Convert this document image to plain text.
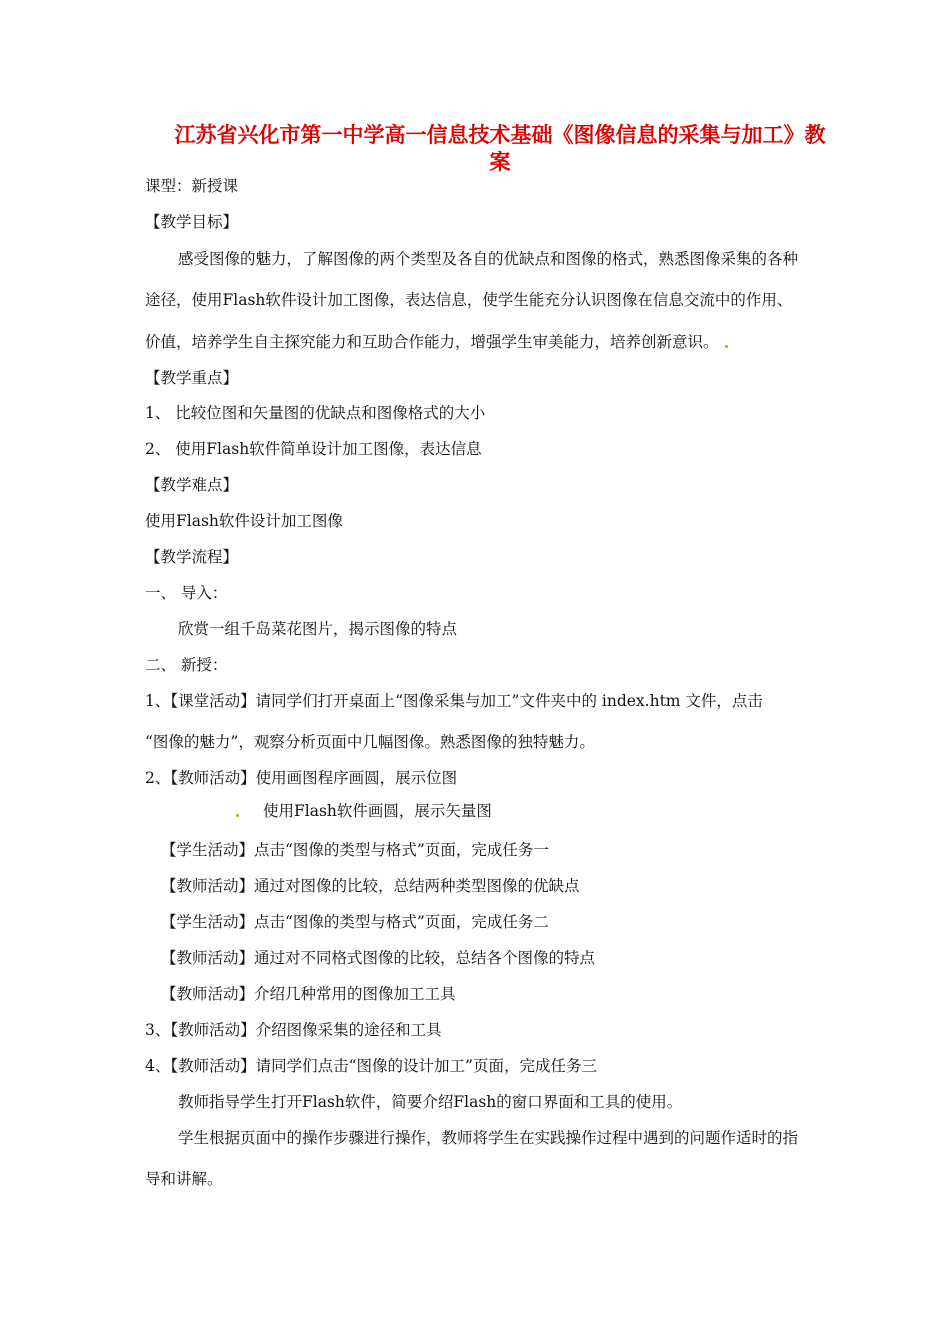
江苏省兴化市第一中学高一信息技术基础《图像信息的采集与加工》教
案
课型：新授课
【教学目标】
感受图像的魅力，了解图像的两个类型及各自的优缺点和图像的格式，熟悉图像采集的各种
途径，使用Flash软件设计加工图像，表达信息，使学生能充分认识图像在信息交流中的作用、
价值，培养学生自主探究能力和互助合作能力，增强学生审美能力，培养创新意识。
【教学重点】
1、 比较位图和矢量图的优缺点和图像格式的大小
2、 使用Flash软件简单设计加工图像，表达信息
【教学难点】
使用Flash软件设计加工图像
【教学流程】
一、 导入：
欣赏一组千岛菜花图片，揭示图像的特点
二、 新授：
1、【课堂活动】请同学们打开桌面上“图像采集与加工”文件夹中的 index.htm 文件，点击
“图像的魅力”，观察分析页面中几幅图像。熟悉图像的独特魅力。
2、【教师活动】使用画图程序画圆，展示位图
使用Flash软件画圆，展示矢量图
【学生活动】点击“图像的类型与格式”页面，完成任务一
【教师活动】通过对图像的比较，总结两种类型图像的优缺点
【学生活动】点击“图像的类型与格式”页面，完成任务二
【教师活动】通过对不同格式图像的比较，总结各个图像的特点
【教师活动】介绍几种常用的图像加工工具
3、【教师活动】介绍图像采集的途径和工具
4、【教师活动】请同学们点击“图像的设计加工”页面，完成任务三
教师指导学生打开Flash软件，简要介绍Flash的窗口界面和工具的使用。
学生根据页面中的操作步骤进行操作，教师将学生在实践操作过程中遇到的问题作适时的指
导和讲解。
